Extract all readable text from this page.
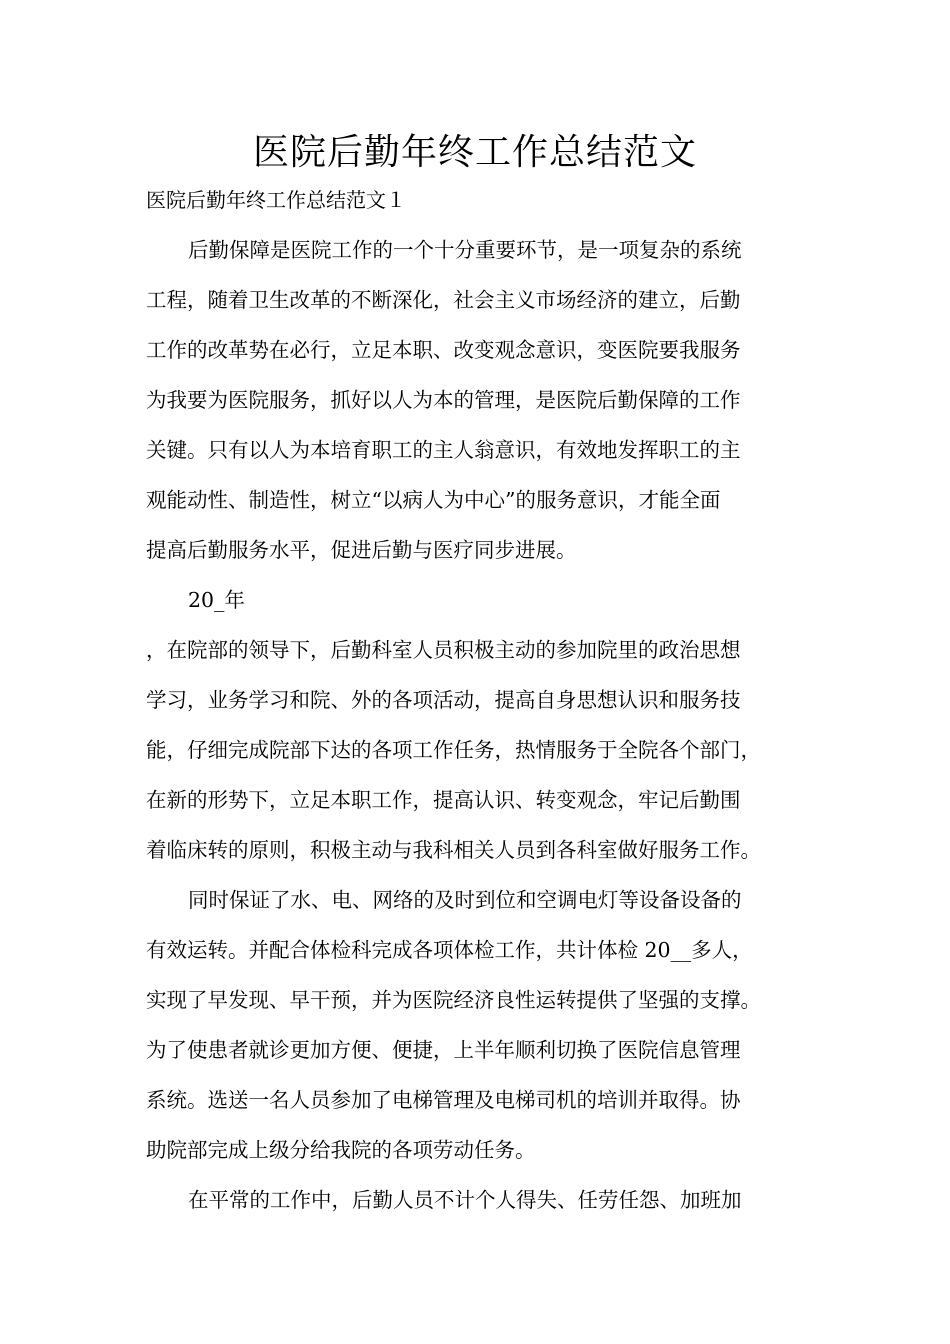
医院后勤年终工作总结范文
医院后勤年终工作总结范文１
后勤保障是医院工作的一个十分重要环节，是一项复杂的系统
工程，随着卫生改革的不断深化，社会主义市场经济的建立，后勤
工作的改革势在必行，立足本职、改变观念意识，变医院要我服务
为我要为医院服务，抓好以人为本的管理，是医院后勤保障的工作
关键。只有以人为本培育职工的主人翁意识，有效地发挥职工的主
观能动性、制造性，树立“以病人为中心”的服务意识，才能全面
提高后勤服务水平，促进后勤与医疗同步进展。
20_年
，在院部的领导下，后勤科室人员积极主动的参加院里的政治思想
学习，业务学习和院、外的各项活动，提高自身思想认识和服务技
能，仔细完成院部下达的各项工作任务，热情服务于全院各个部门，
在新的形势下，立足本职工作，提高认识、转变观念，牢记后勤围
着临床转的原则，积极主动与我科相关人员到各科室做好服务工作。
同时保证了水、电、网络的及时到位和空调电灯等设备设备的
有效运转。并配合体检科完成各项体检工作，共计体检 20__多人，
实现了早发现、早干预，并为医院经济良性运转提供了坚强的支撑。
为了使患者就诊更加方便、便捷，上半年顺利切换了医院信息管理
系统。选送一名人员参加了电梯管理及电梯司机的培训并取得。协
助院部完成上级分给我院的各项劳动任务。
在平常的工作中，后勤人员不计个人得失、任劳任怨、加班加
